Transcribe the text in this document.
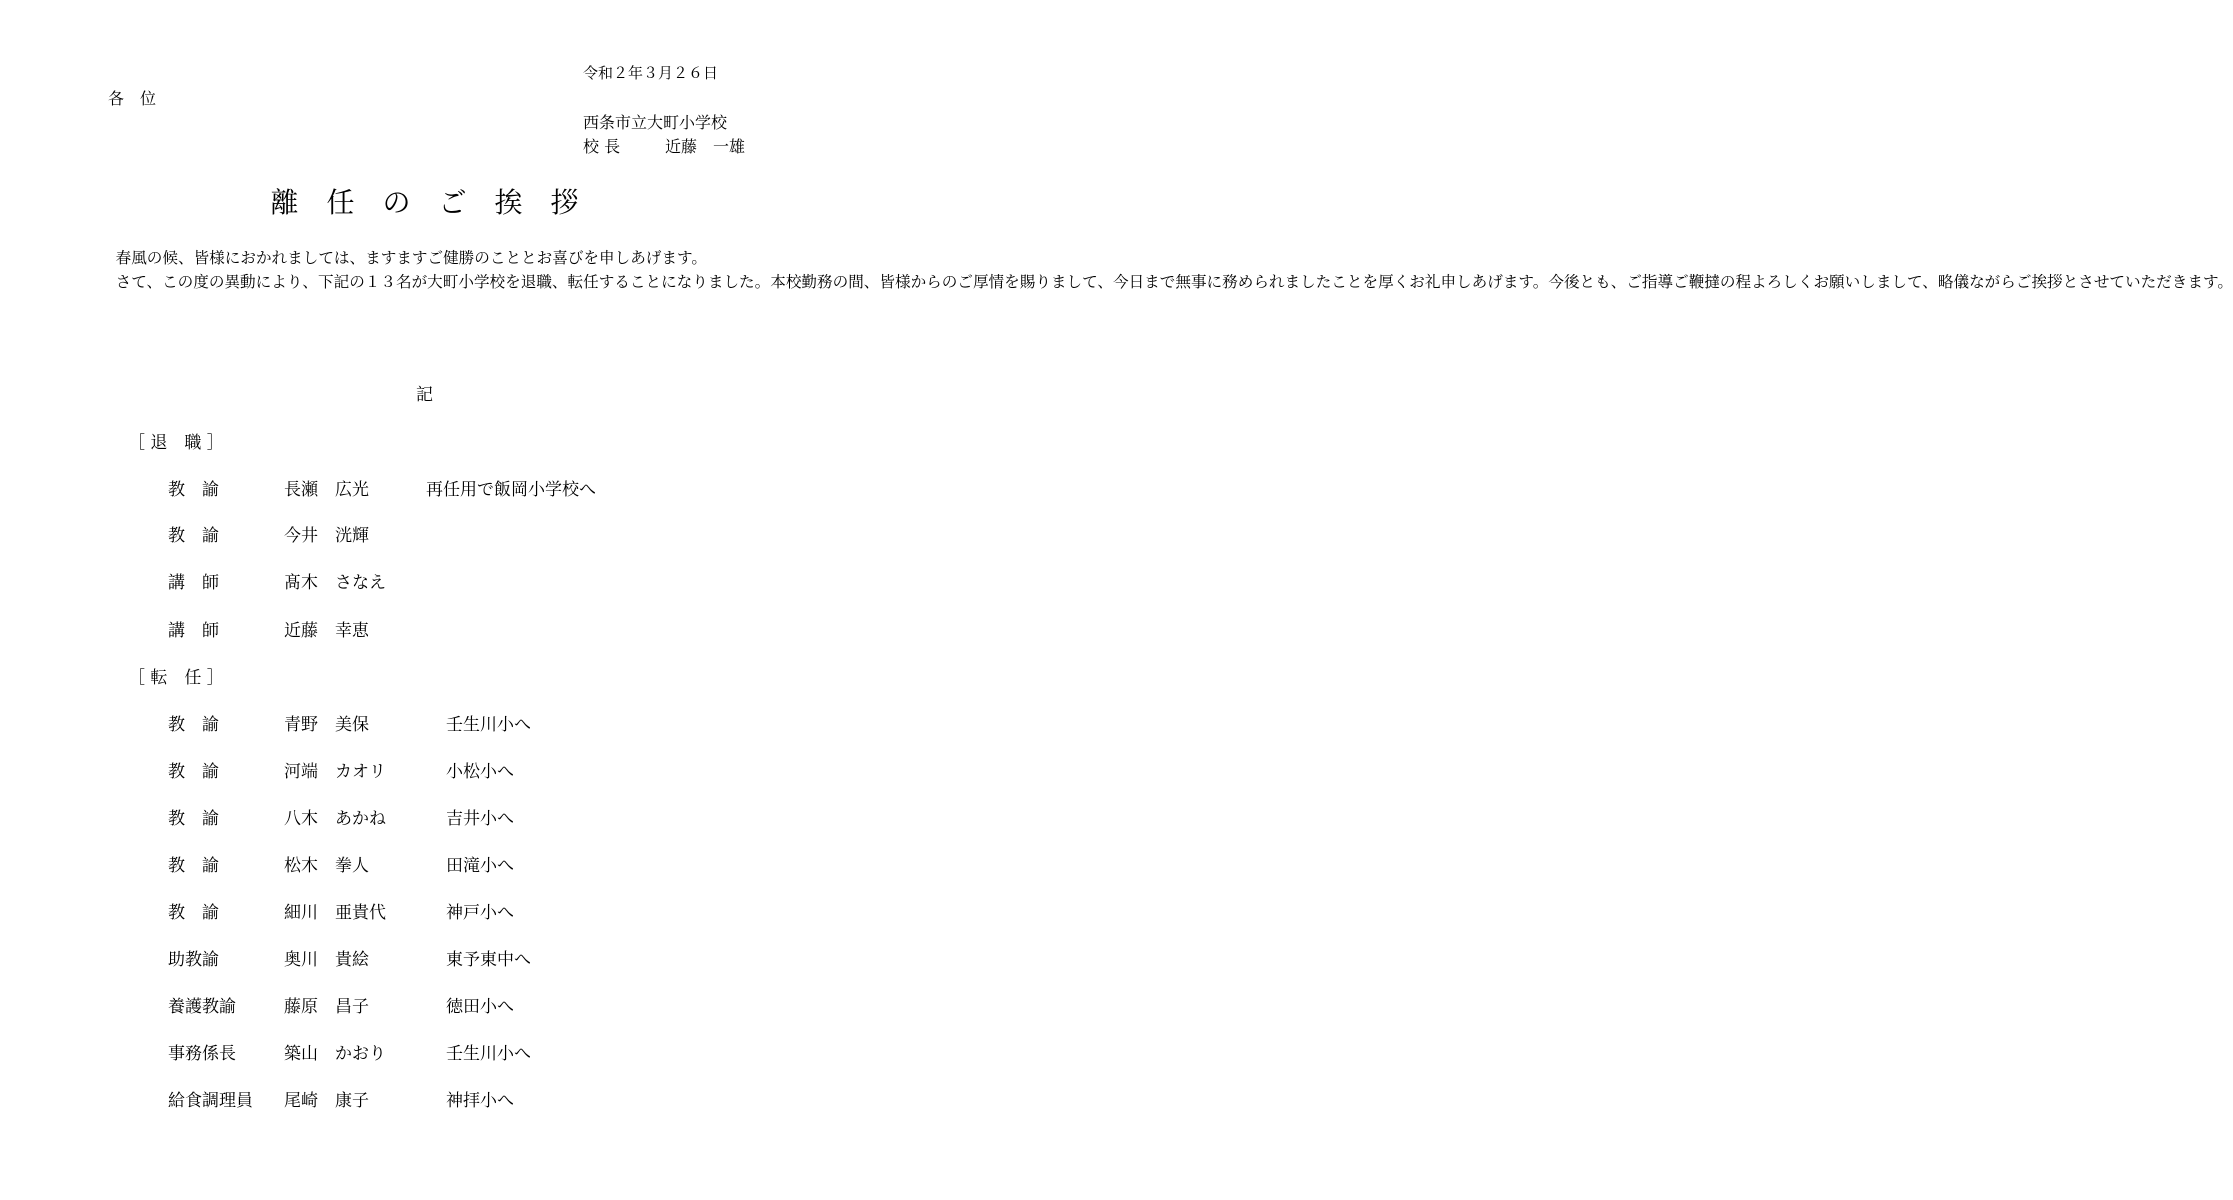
令和２年３月２６日
各　位
西条市立大町小学校
校 長	近藤　一雄
離　任　の　ご　挨　拶

春風の候、皆様におかれましては、ますますご健勝のこととお喜びを申しあげます。

さて、この度の異動により、下記の１３名が大町小学校を退職、転任することになりました。本校勤務の間、皆様からのご厚情を賜りまして、今日まで無事に務められましたことを厚くお礼申しあげます。今後とも、ご指導ご鞭撻の程よろしくお願いしまして、略儀ながらご挨拶とさせていただきます。

記
［ 退　職 ］
教　諭	長瀬　広光	再任用で飯岡小学校へ
教　諭	今井　洸輝
講　師	髙木　さなえ
講　師	近藤　幸恵
［ 転　任 ］
教　諭	青野　美保	壬生川小へ
教　諭	河端　カオリ	小松小へ
教　諭	八木　あかね	吉井小へ
教　諭	松木　拳人	田滝小へ
教　諭	細川　亜貴代	神戸小へ
助教諭	奥川　貴絵	東予東中へ
養護教諭	藤原　昌子	徳田小へ
事務係長	築山　かおり	壬生川小へ
給食調理員 尾崎　康子	神拝小へ
